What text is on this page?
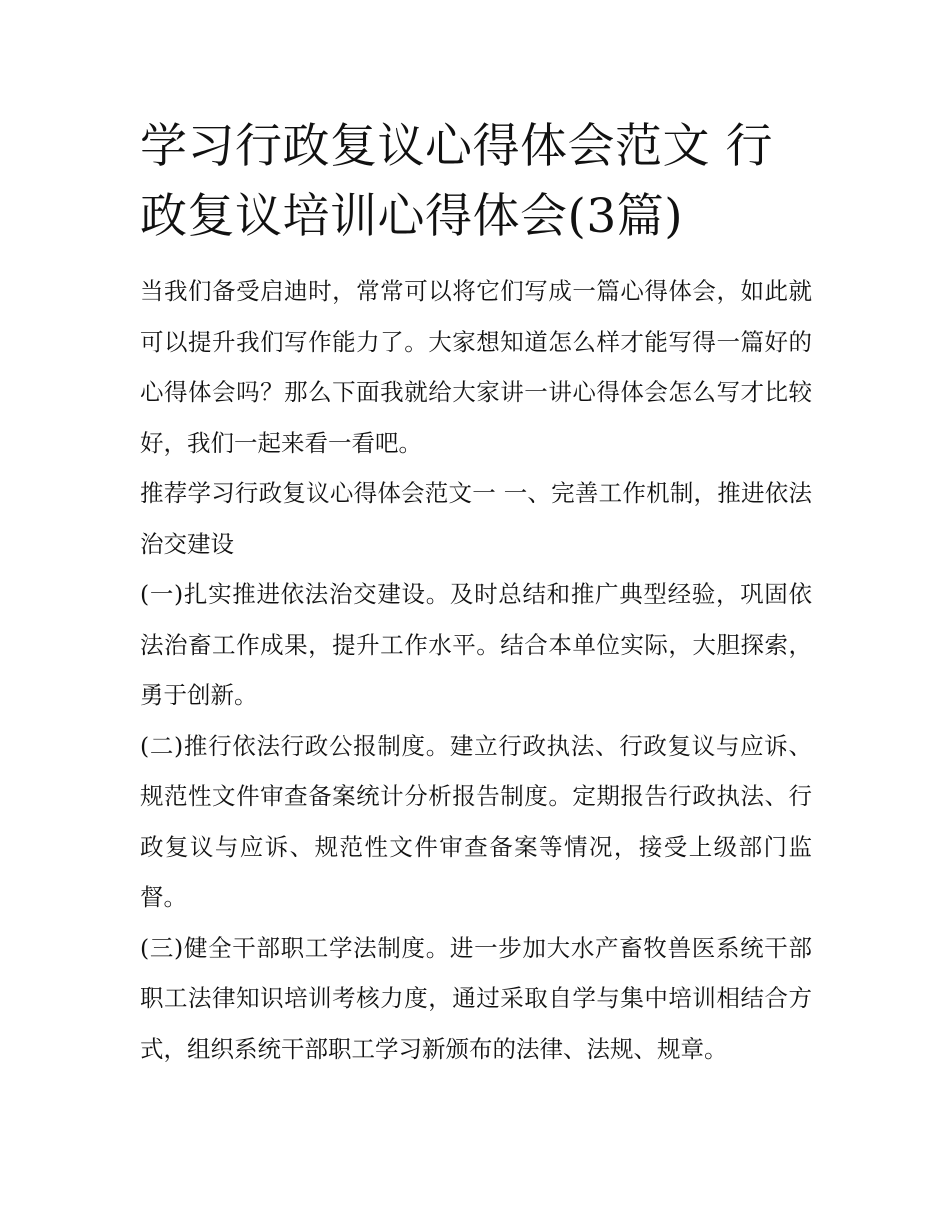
学习行政复议心得体会范文 行政复议培训心得体会(3篇)

当我们备受启迪时，常常可以将它们写成一篇心得体会，如此就可以提升我们写作能力了。大家想知道怎么样才能写得一篇好的心得体会吗？那么下面我就给大家讲一讲心得体会怎么写才比较好，我们一起来看一看吧。

推荐学习行政复议心得体会范文一 一、完善工作机制，推进依法治交建设

(一)扎实推进依法治交建设。及时总结和推广典型经验，巩固依法治畜工作成果，提升工作水平。结合本单位实际，大胆探索，勇于创新。

(二)推行依法行政公报制度。建立行政执法、行政复议与应诉、规范性文件审查备案统计分析报告制度。定期报告行政执法、行政复议与应诉、规范性文件审查备案等情况，接受上级部门监督。

(三)健全干部职工学法制度。进一步加大水产畜牧兽医系统干部职工法律知识培训考核力度，通过采取自学与集中培训相结合方式，组织系统干部职工学习新颁布的法律、法规、规章。
